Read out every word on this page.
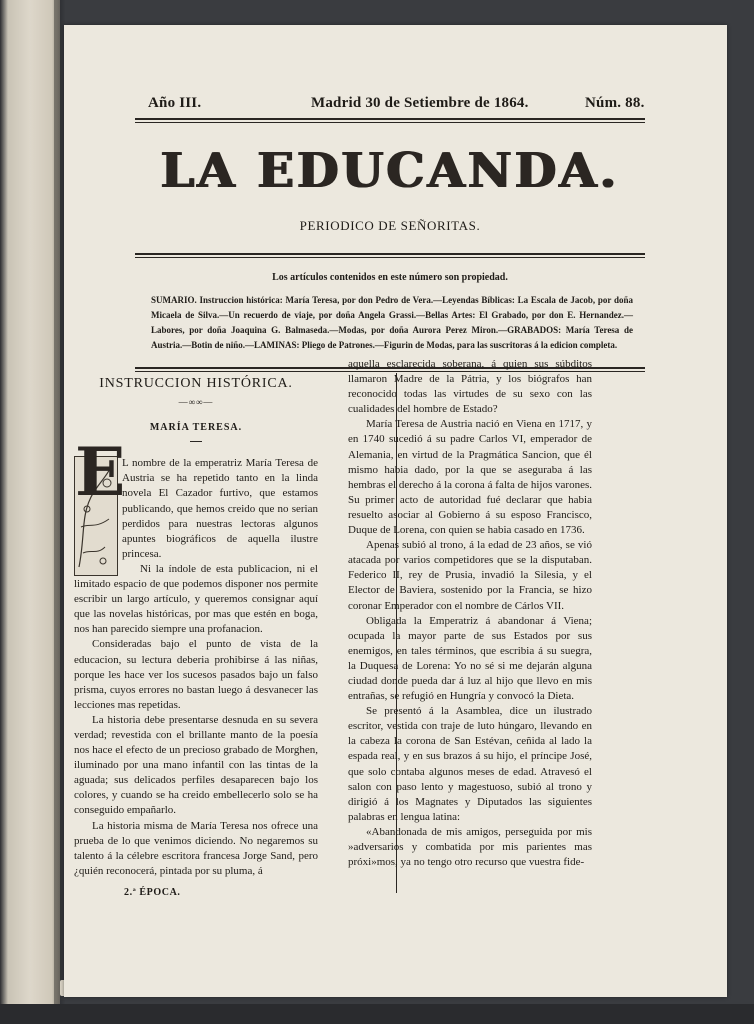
Año III.	Madrid 30 de Setiembre de 1864.	Núm. 88.
LA EDUCANDA.
PERIODICO DE SEÑORITAS.
Los artículos contenidos en este número son propiedad.
SUMARIO. Instruccion histórica: María Teresa, por don Pedro de Vera.—Leyendas Bíblicas: La Escala de Jacob, por doña Micaela de Silva.—Un recuerdo de viaje, por doña Angela Grassi.—Bellas Artes: El Grabado, por don E. Hernandez.—Labores, por doña Joaquina G. Balmaseda.—Modas, por doña Aurora Perez Miron.—GRABADOS: María Teresa de Austria.—Botin de niño.—LAMINAS: Pliego de Patrones.—Figurin de Modas, para las suscritoras á la edicion completa.
INSTRUCCION HISTÓRICA.
—∞∞—
MARÍA TERESA.
E

L nombre de la emperatriz María Teresa de Austria se ha repetido tanto en la linda novela El Cazador furtivo, que estamos publicando, que hemos creido que no serian perdidos para nuestras lectoras algunos apuntes biográficos de aquella ilustre princesa.

Ni la índole de esta publicacion, ni el limitado espacio de que podemos disponer nos permite escribir un largo artículo, y queremos consignar aquí que las novelas históricas, por mas que estén en boga, nos han parecido siempre una profanacion.

Consideradas bajo el punto de vista de la educacion, su lectura deberia prohibirse á las niñas, porque les hace ver los sucesos pasados bajo un falso prisma, cuyos errores no bastan luego á desvanecer las lecciones mas repetidas.

La historia debe presentarse desnuda en su severa verdad; revestida con el brillante manto de la poesía nos hace el efecto de un precioso grabado de Morghen, iluminado por una mano infantil con las tintas de la aguada; sus delicados perfiles desaparecen bajo los colores, y cuando se ha creido embellecerlo solo se ha conseguido empañarlo.

La historia misma de María Teresa nos ofrece una prueba de lo que venimos diciendo. No negaremos su talento á la célebre escritora francesa Jorge Sand, pero ¿quién reconocerá, pintada por su pluma, á

2.ª ÉPOCA.

aquella esclarecida soberana, á quien sus súbditos llamaron Madre de la Pátria, y los biógrafos han reconocido todas las virtudes de su sexo con las cualidades del hombre de Estado?

María Teresa de Austria nació en Viena en 1717, y en 1740 sucedió á su padre Carlos VI, emperador de Alemania, en virtud de la Pragmática Sancion, que él mismo habia dado, por la que se aseguraba á las hembras el derecho á la corona á falta de hijos varones. Su primer acto de autoridad fué declarar que habia resuelto asociar al Gobierno á su esposo Francisco, Duque de Lorena, con quien se habia casado en 1736.

Apenas subió al trono, á la edad de 23 años, se vió atacada por varios competidores que se la disputaban. Federico II, rey de Prusia, invadió la Silesia, y el Elector de Baviera, sostenido por la Francia, se hizo coronar Emperador con el nombre de Cárlos VII.

Obligada la Emperatriz á abandonar á Viena; ocupada la mayor parte de sus Estados por sus enemigos, en tales términos, que escribia á su suegra, la Duquesa de Lorena: Yo no sé si me dejarán alguna ciudad donde pueda dar á luz al hijo que llevo en mis entrañas, se refugió en Hungría y convocó la Dieta.

Se presentó á la Asamblea, dice un ilustrado escritor, vestida con traje de luto húngaro, llevando en la cabeza la corona de San Estévan, ceñida al lado la espada real, y en sus brazos á su hijo, el príncipe José, que solo contaba algunos meses de edad. Atravesó el salon con paso lento y magestuoso, subió al trono y dirigió á los Magnates y Diputados las siguientes palabras en lengua latina:

«Abandonada de mis amigos, perseguida por mis »adversarios y combatida por mis parientes mas próxi»mos, ya no tengo otro recurso que vuestra fide-
